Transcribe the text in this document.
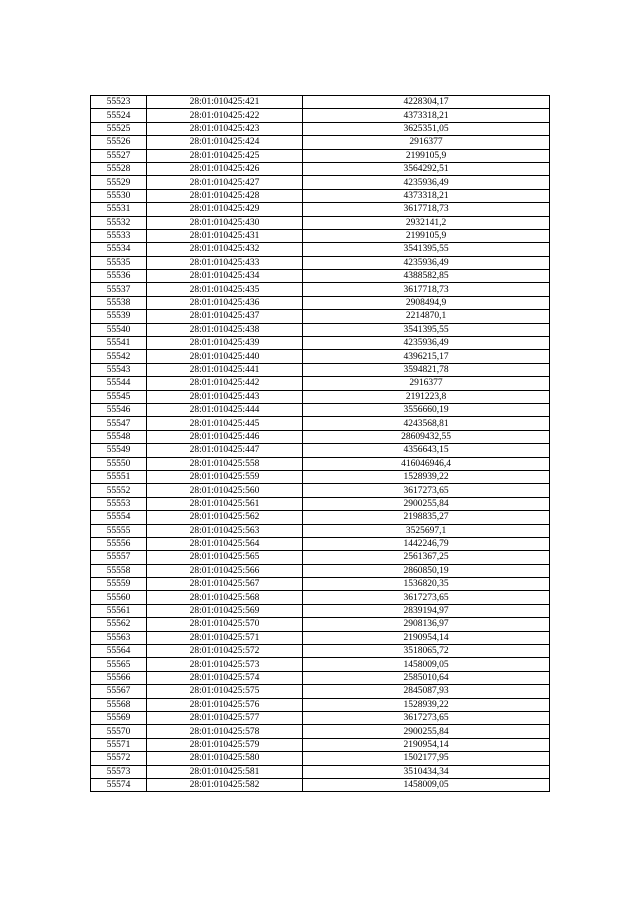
55523	28:01:010425:421	4228304,17
55524	28:01:010425:422	4373318,21
55525	28:01:010425:423	3625351,05
55526	28:01:010425:424	2916377
55527	28:01:010425:425	2199105,9
55528	28:01:010425:426	3564292,51
55529	28:01:010425:427	4235936,49
55530	28:01:010425:428	4373318,21
55531	28:01:010425:429	3617718,73
55532	28:01:010425:430	2932141,2
55533	28:01:010425:431	2199105,9
55534	28:01:010425:432	3541395,55
55535	28:01:010425:433	4235936,49
55536	28:01:010425:434	4388582,85
55537	28:01:010425:435	3617718,73
55538	28:01:010425:436	2908494,9
55539	28:01:010425:437	2214870,1
55540	28:01:010425:438	3541395,55
55541	28:01:010425:439	4235936,49
55542	28:01:010425:440	4396215,17
55543	28:01:010425:441	3594821,78
55544	28:01:010425:442	2916377
55545	28:01:010425:443	2191223,8
55546	28:01:010425:444	3556660,19
55547	28:01:010425:445	4243568,81
55548	28:01:010425:446	28609432,55
55549	28:01:010425:447	4356643,15
55550	28:01:010425:558	416046946,4
55551	28:01:010425:559	1528939,22
55552	28:01:010425:560	3617273,65
55553	28:01:010425:561	2900255,84
55554	28:01:010425:562	2198835,27
55555	28:01:010425:563	3525697,1
55556	28:01:010425:564	1442246,79
55557	28:01:010425:565	2561367,25
55558	28:01:010425:566	2860850,19
55559	28:01:010425:567	1536820,35
55560	28:01:010425:568	3617273,65
55561	28:01:010425:569	2839194,97
55562	28:01:010425:570	2908136,97
55563	28:01:010425:571	2190954,14
55564	28:01:010425:572	3518065,72
55565	28:01:010425:573	1458009,05
55566	28:01:010425:574	2585010,64
55567	28:01:010425:575	2845087,93
55568	28:01:010425:576	1528939,22
55569	28:01:010425:577	3617273,65
55570	28:01:010425:578	2900255,84
55571	28:01:010425:579	2190954,14
55572	28:01:010425:580	1502177,95
55573	28:01:010425:581	3510434,34
55574	28:01:010425:582	1458009,05
